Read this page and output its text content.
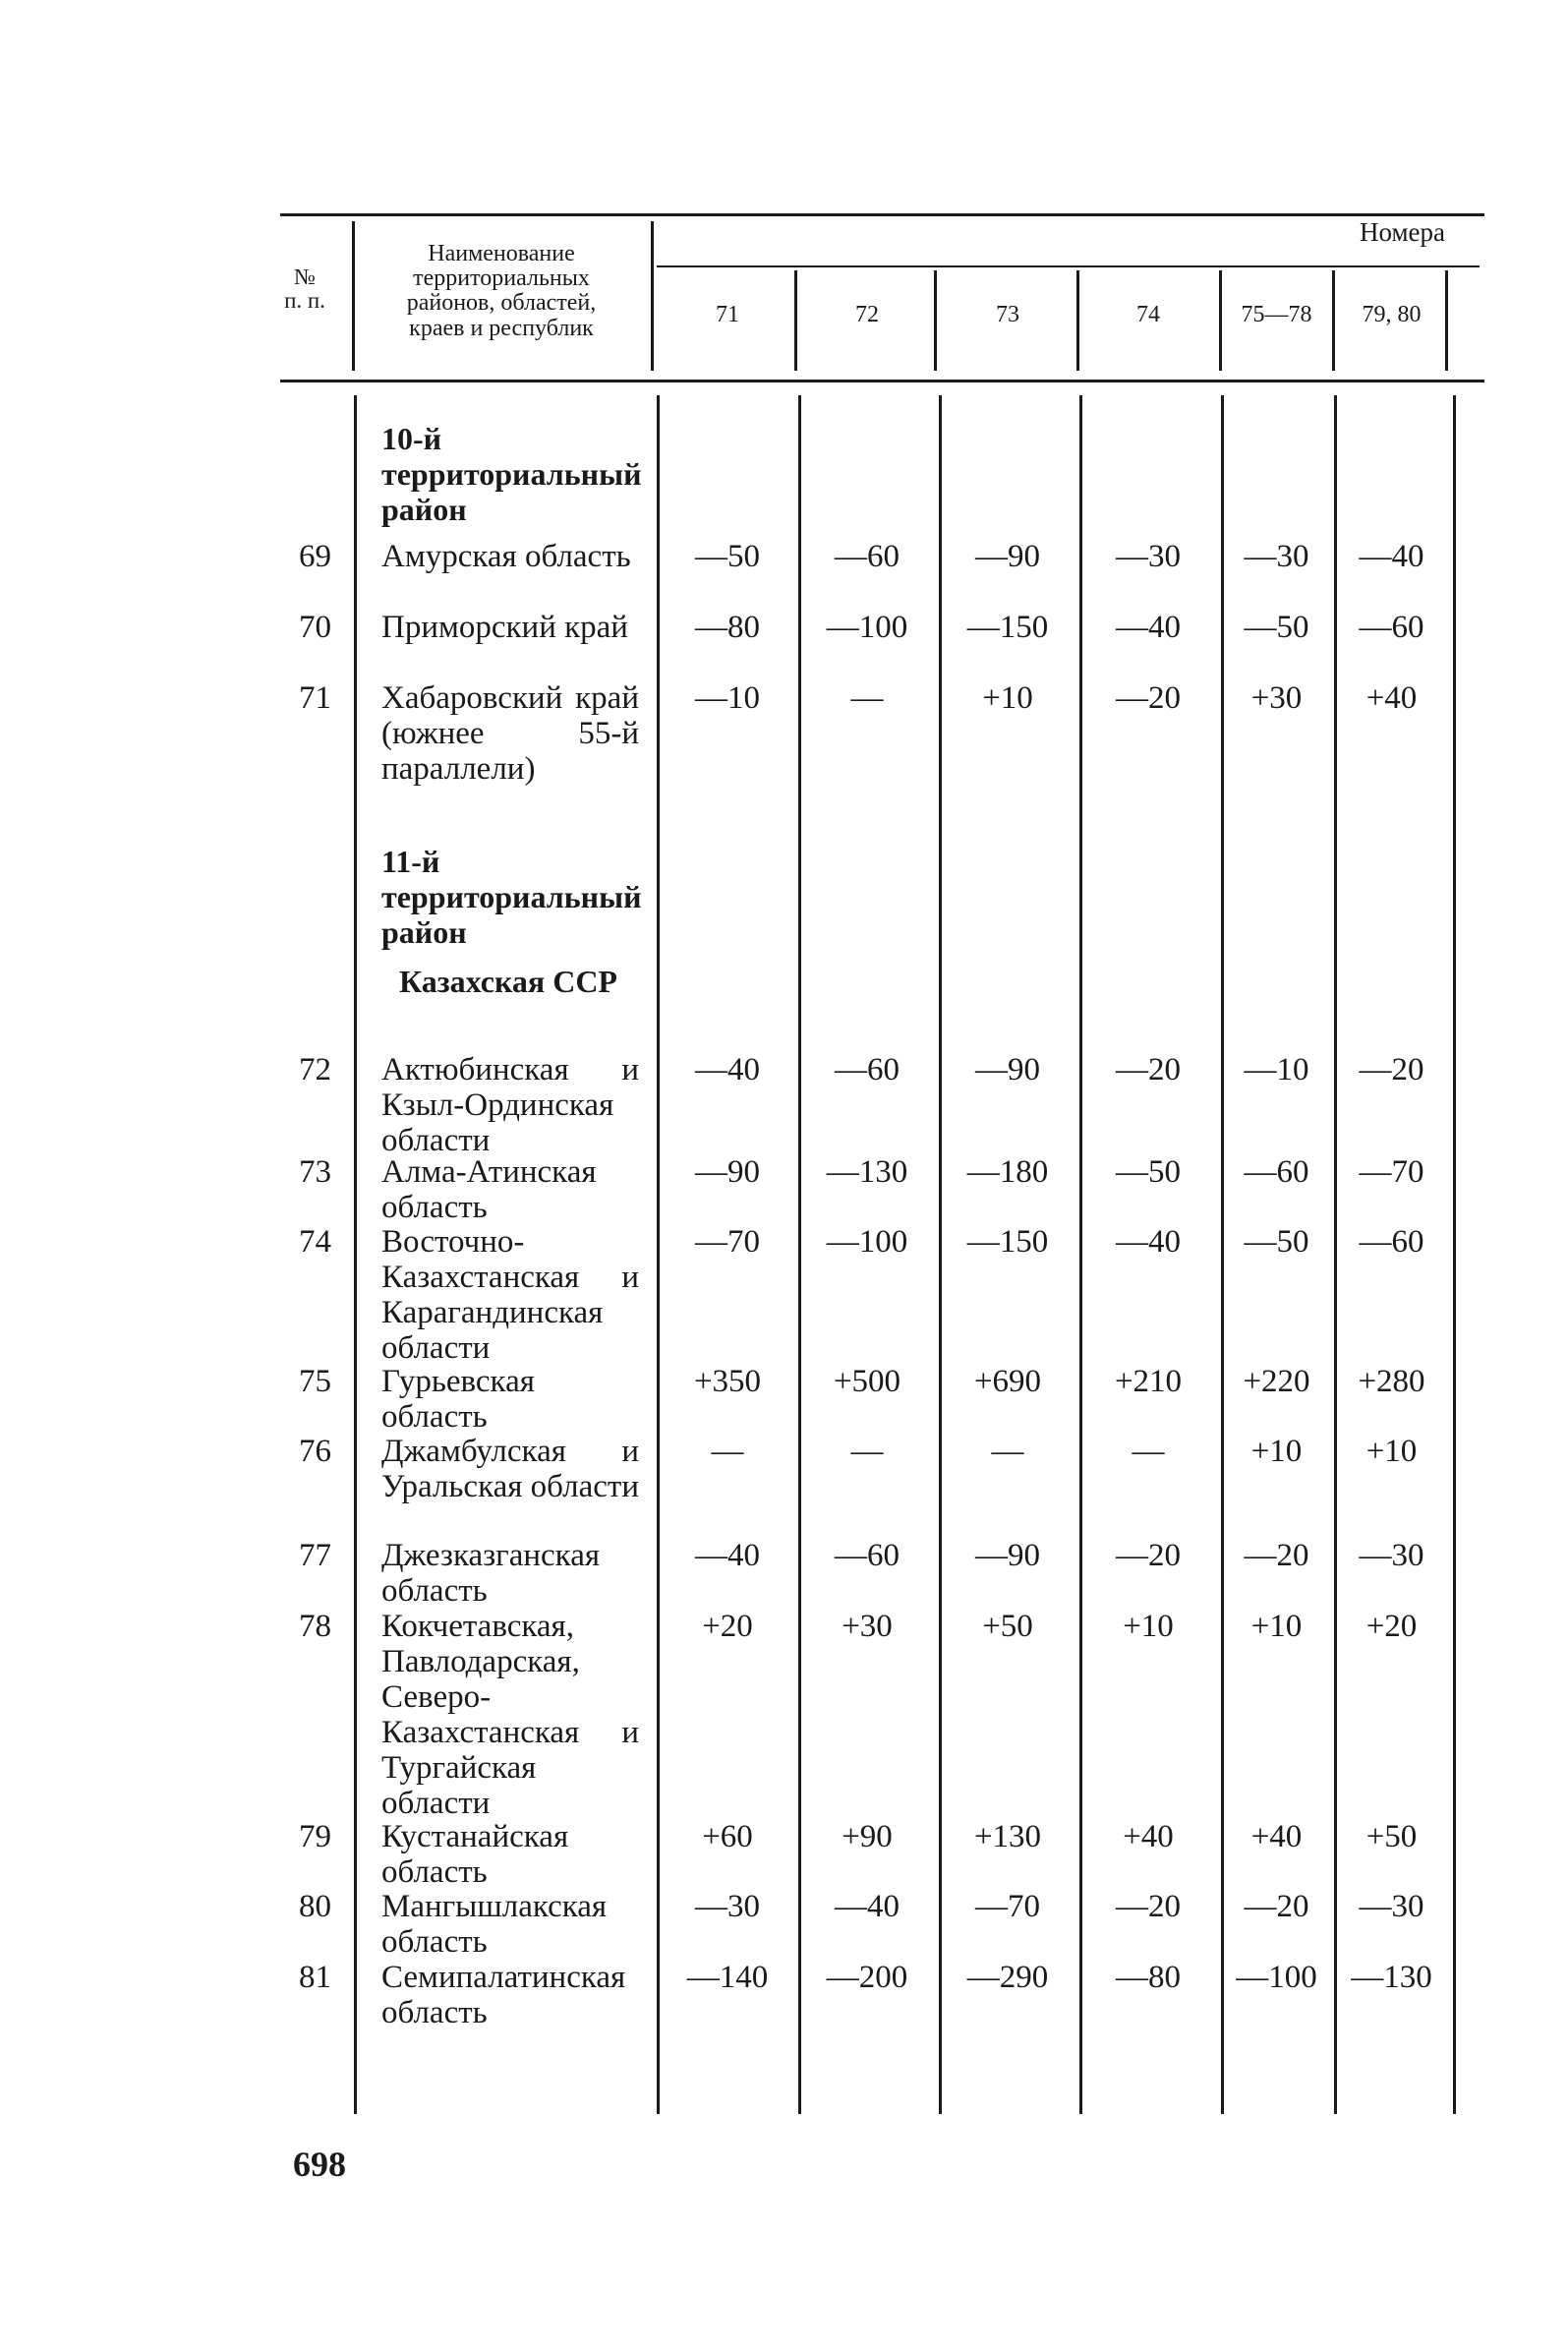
№
п. п.
Наименование
территориальных
районов, областей,
краев и республик
Номера
71	72	73	74	75—78	79, 80
10-й территориальный район
69 Амурская область	—50	—60	—90	—30	—30	—40
70 Приморский край	—80	—100	—150	—40	—50	—60
71 Хабаровский край (южнее 55-й параллели)
—10	—	+10	—20	+30	+40
11-й территориальный район
Казахская ССР
72 Актюбинская и Кзыл-Ординская области
—40	—60	—90	—20	—10	—20
73 Алма-Атинская область
—90	—130	—180	—50	—60	—70
74 Восточно-Казахстанская и Карагандинская области
—70	—100	—150	—40	—50	—60
75 Гурьевская область
+350	+500	+690	+210	+220	+280
76 Джамбулская и Уральская области
—	—	—	—	+10	+10
77 Джезказганская область
—40	—60	—90	—20	—20	—30
78 Кокчетавская, Павлодарская, Северо-Казахстанская и Тургайская области
+20	+30	+50	+10	+10	+20
79 Кустанайская область
+60	+90	+130	+40	+40	+50
80 Мангышлакская область
—30	—40	—70	—20	—20	—30
81 Семипалатинская область
—140	—200	—290	—80	—100	—130
698
